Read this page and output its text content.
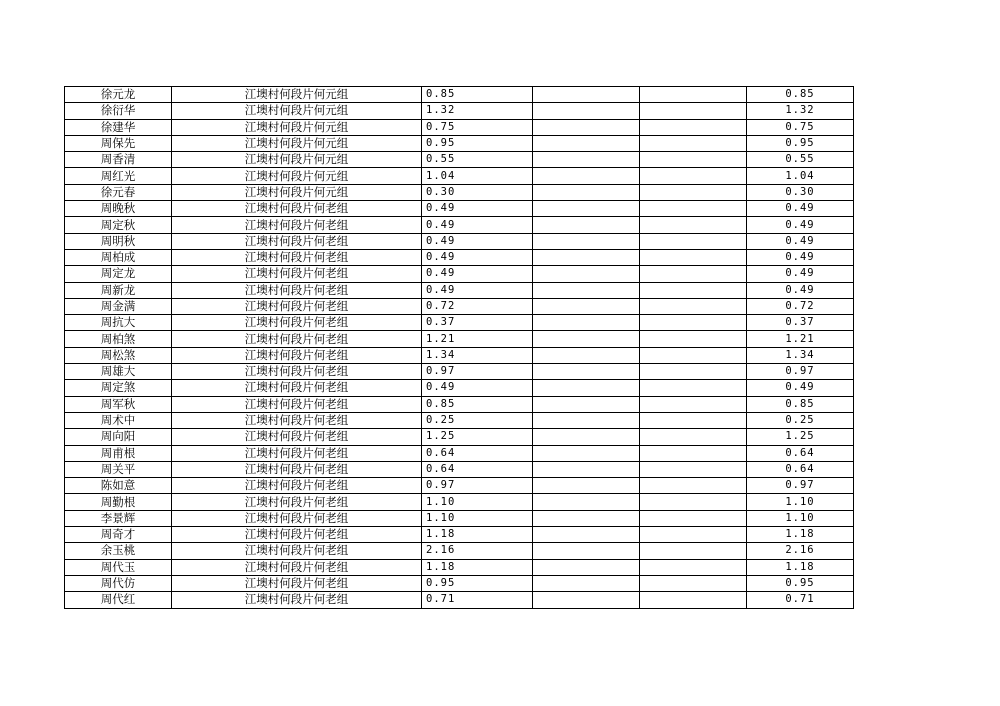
徐元龙	江墺村何段片何元组	0.85			0.85
徐衍华	江墺村何段片何元组	1.32			1.32
徐建华	江墺村何段片何元组	0.75			0.75
周保先	江墺村何段片何元组	0.95			0.95
周香清	江墺村何段片何元组	0.55			0.55
周红光	江墺村何段片何元组	1.04			1.04
徐元春	江墺村何段片何元组	0.30			0.30
周晚秋	江墺村何段片何老组	0.49			0.49
周定秋	江墺村何段片何老组	0.49			0.49
周明秋	江墺村何段片何老组	0.49			0.49
周柏成	江墺村何段片何老组	0.49			0.49
周定龙	江墺村何段片何老组	0.49			0.49
周新龙	江墺村何段片何老组	0.49			0.49
周金满	江墺村何段片何老组	0.72			0.72
周抗大	江墺村何段片何老组	0.37			0.37
周柏煞	江墺村何段片何老组	1.21			1.21
周松煞	江墺村何段片何老组	1.34			1.34
周雄大	江墺村何段片何老组	0.97			0.97
周定煞	江墺村何段片何老组	0.49			0.49
周军秋	江墺村何段片何老组	0.85			0.85
周术中	江墺村何段片何老组	0.25			0.25
周向阳	江墺村何段片何老组	1.25			1.25
周甫根	江墺村何段片何老组	0.64			0.64
周关平	江墺村何段片何老组	0.64			0.64
陈如意	江墺村何段片何老组	0.97			0.97
周勤根	江墺村何段片何老组	1.10			1.10
李景辉	江墺村何段片何老组	1.10			1.10
周奇才	江墺村何段片何老组	1.18			1.18
余玉桃	江墺村何段片何老组	2.16			2.16
周代玉	江墺村何段片何老组	1.18			1.18
周代仿	江墺村何段片何老组	0.95			0.95
周代红	江墺村何段片何老组	0.71			0.71
